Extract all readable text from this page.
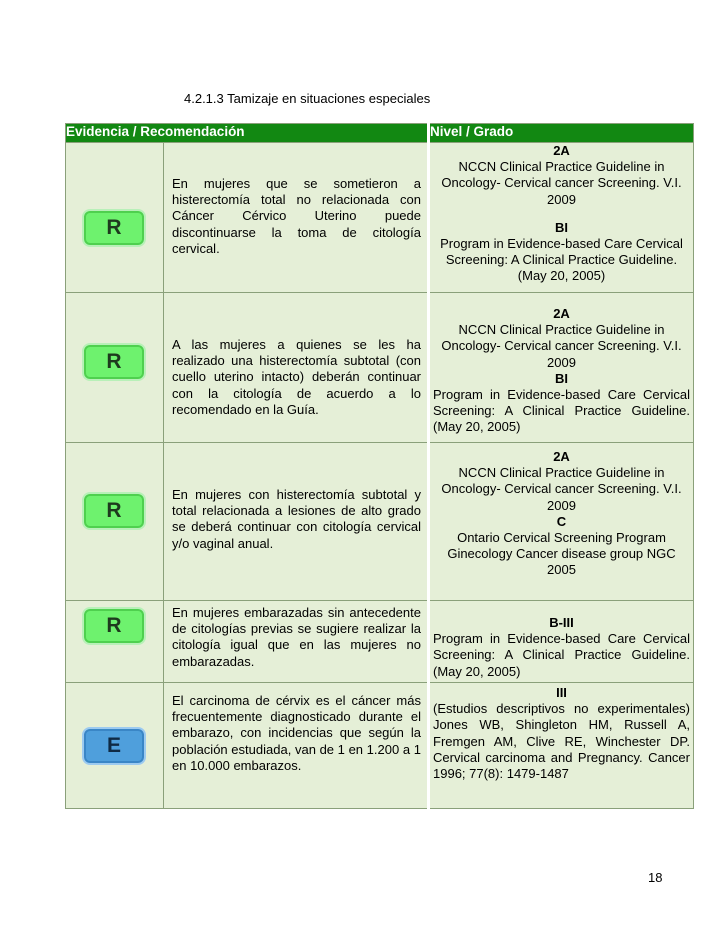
4.2.1.3 Tamizaje en situaciones especiales
Evidencia / Recomendación		Nivel / Grado

R	En mujeres que se sometieron a histerectomía total no relacionada con Cáncer Cérvico Uterino puede discontinuarse la toma de citología cervical.	2A
NCCN Clinical Practice Guideline in Oncology- Cervical cancer Screening. V.I. 2009
BI
Program in Evidence-based Care Cervical Screening: A Clinical Practice Guideline. (May 20, 2005)

R	A las mujeres a quienes se les ha realizado una histerectomía subtotal (con cuello uterino intacto) deberán continuar con la citología de acuerdo a lo recomendado en la Guía.	2A
NCCN Clinical Practice Guideline in Oncology- Cervical cancer Screening. V.I. 2009
BI
Program in Evidence-based Care Cervical Screening: A Clinical Practice Guideline. (May 20, 2005)

R	En mujeres con histerectomía subtotal y total relacionada a lesiones de alto grado se deberá continuar con citología cervical y/o vaginal anual.	2A
NCCN Clinical Practice Guideline in Oncology- Cervical cancer Screening. V.I. 2009
C
Ontario Cervical Screening Program Ginecology Cancer disease group NGC 2005

R	En mujeres embarazadas sin antecedente de citologías previas se sugiere realizar la citología igual que en las mujeres no embarazadas.	B-III
Program in Evidence-based Care Cervical Screening: A Clinical Practice Guideline. (May 20, 2005)

E	El carcinoma de cérvix es el cáncer más frecuentemente diagnosticado durante el embarazo, con incidencias que según la población estudiada, van de 1 en 1.200 a 1 en 10.000 embarazos.	III
(Estudios descriptivos no experimentales) Jones WB, Shingleton HM, Russell A, Fremgen AM, Clive RE, Winchester DP. Cervical carcinoma and Pregnancy. Cancer 1996; 77(8): 1479-1487
18
